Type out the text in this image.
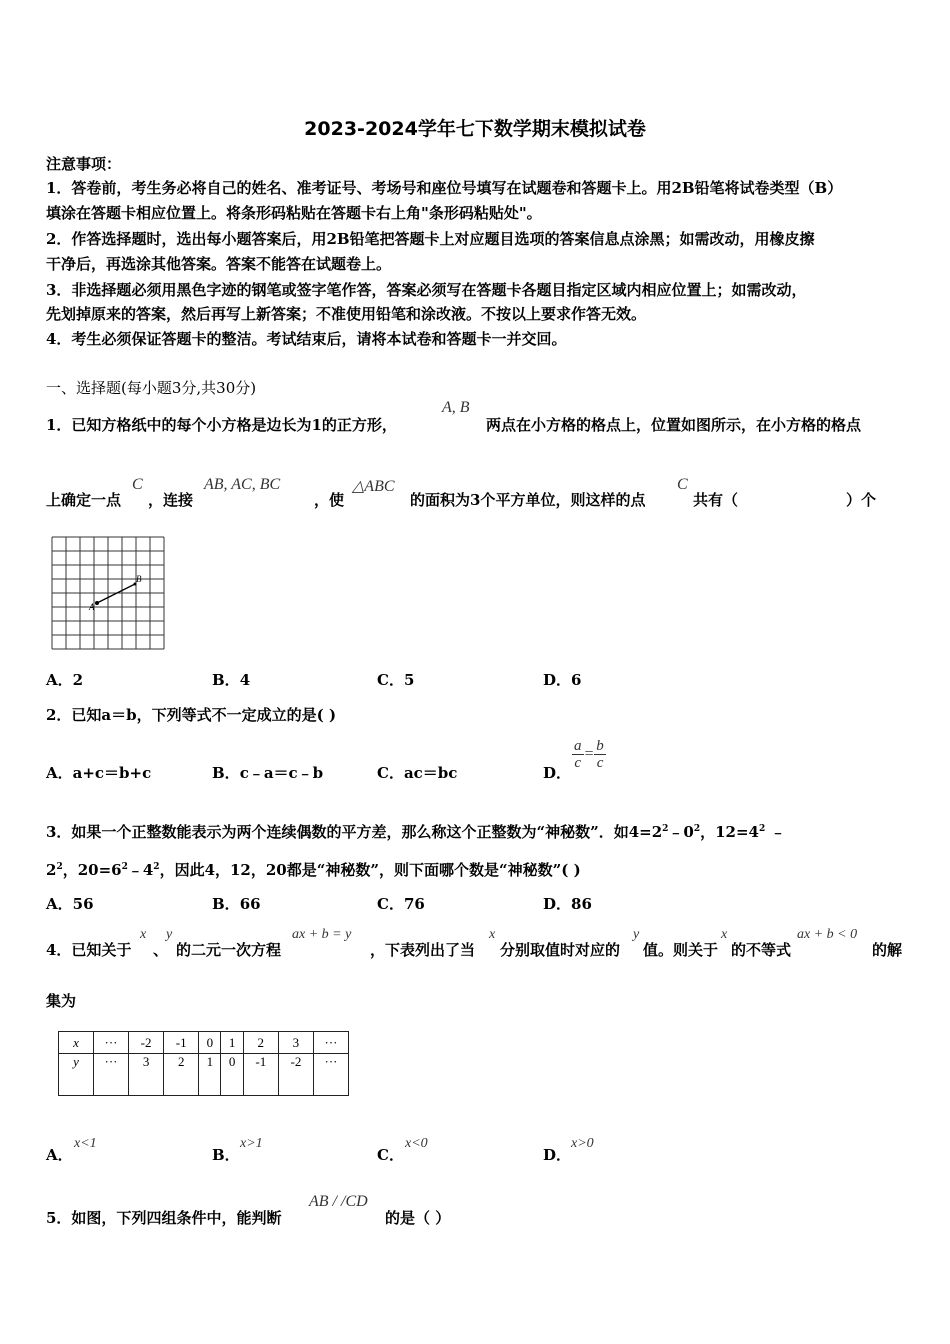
2023-2024学年七下数学期末模拟试卷
注意事项：
1．答卷前，考生务必将自己的姓名、准考证号、考场号和座位号填写在试题卷和答题卡上。用2B铅笔将试卷类型（B）
填涂在答题卡相应位置上。将条形码粘贴在答题卡右上角"条形码粘贴处"。
2．作答选择题时，选出每小题答案后，用2B铅笔把答题卡上对应题目选项的答案信息点涂黑；如需改动，用橡皮擦
干净后，再选涂其他答案。答案不能答在试题卷上。
3．非选择题必须用黑色字迹的钢笔或签字笔作答，答案必须写在答题卡各题目指定区域内相应位置上；如需改动，
先划掉原来的答案，然后再写上新答案；不准使用铅笔和涂改液。不按以上要求作答无效。
4．考生必须保证答题卡的整洁。考试结束后，请将本试卷和答题卡一并交回。
一、选择题(每小题3分,共30分)
1．已知方格纸中的每个小方格是边长为1的正方形，
A, B
两点在小方格的格点上，位置如图所示，在小方格的格点
上确定一点
C
，连接
AB, AC, BC
，使
△ABC
的面积为3个平方单位，则这样的点
C
共有（	）个
A
B
A．2	B．4	C．5	D．6
2．已知a＝b，下列等式不一定成立的是( )
A．a+c＝b+c	B．c﹣a＝c﹣b	C．ac＝bc	D．
$\frac{a}{c} = \frac{b}{c}$
3．如果一个正整数能表示为两个连续偶数的平方差，那么称这个正整数为“神秘数”．如$4=2^2﹣0^2$，$12=4^2$ ﹣
$2^2$，$20=6^2﹣4^2$，因此4，12，20都是“神秘数”，则下面哪个数是“神秘数”( )
A．56	B．66	C．76	D．86
4．已知关于
x
、
y
的二元一次方程
ax + b = y
，下表列出了当
x
分别取值时对应的
y
值。则关于
x
的不等式
ax + b < 0
的解
集为
x	···	-2	-1	0	1	2	3	···
y	···	3	2	1	0	-1	-2	···
A．
x<1
B．
x>1
C．
x<0
D．
x>0
5．如图，下列四组条件中，能判断
AB / /CD
的是（ ）
